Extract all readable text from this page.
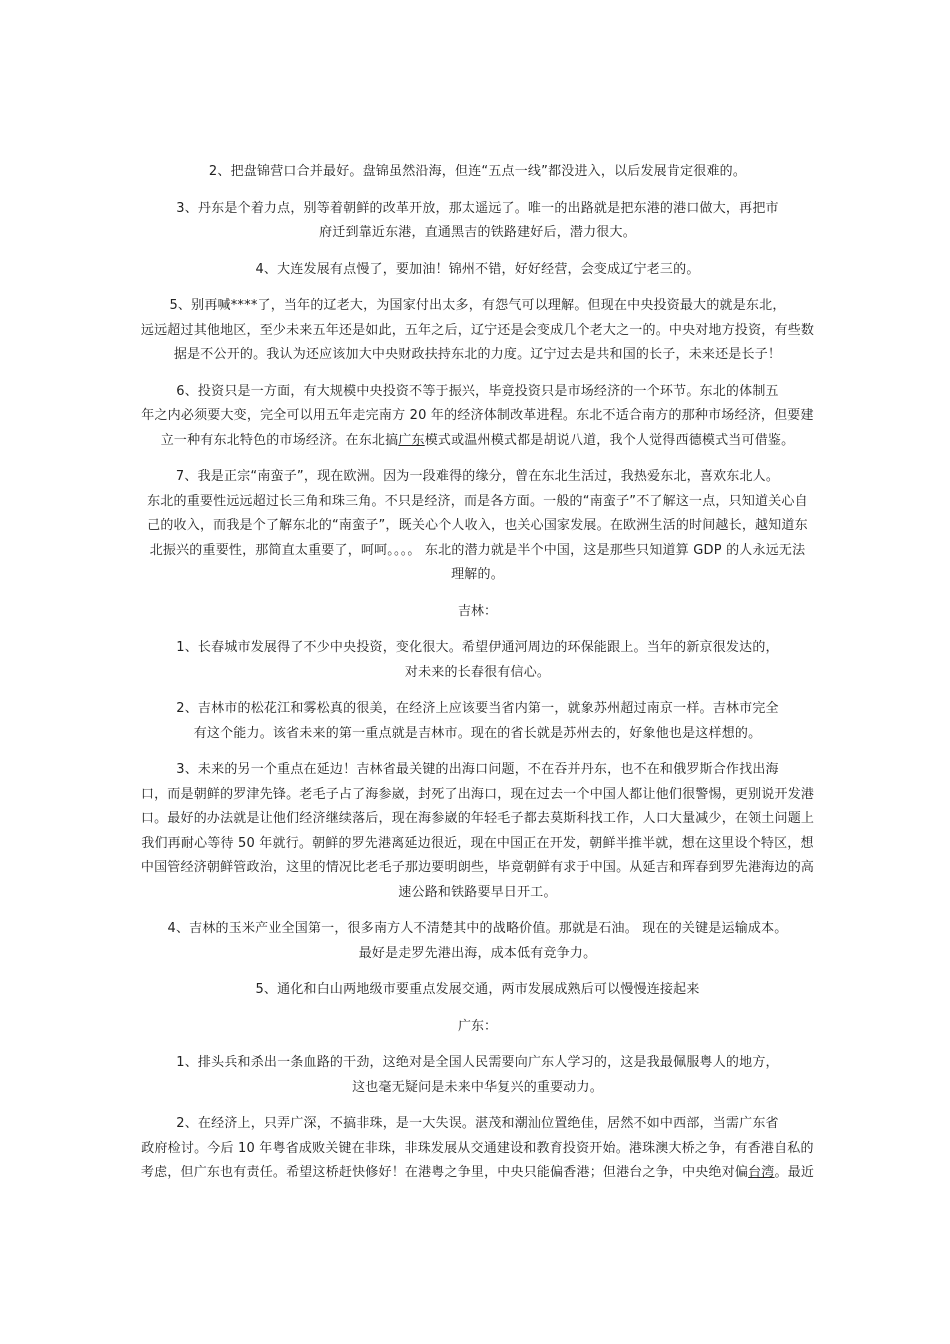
2、把盘锦营口合并最好。盘锦虽然沿海，但连“五点一线”都没进入，以后发展肯定很难的。

3、丹东是个着力点，别等着朝鲜的改革开放，那太遥远了。唯一的出路就是把东港的港口做大，再把市
府迁到靠近东港，直通黑吉的铁路建好后，潜力很大。

4、大连发展有点慢了，要加油！锦州不错，好好经营，会变成辽宁老三的。

5、别再喊****了，当年的辽老大，为国家付出太多，有怨气可以理解。但现在中央投资最大的就是东北，
远远超过其他地区，至少未来五年还是如此，五年之后，辽宁还是会变成几个老大之一的。中央对地方投资，有些数
据是不公开的。我认为还应该加大中央财政扶持东北的力度。辽宁过去是共和国的长子，未来还是长子！

6、投资只是一方面，有大规模中央投资不等于振兴，毕竟投资只是市场经济的一个环节。东北的体制五
年之内必须要大变，完全可以用五年走完南方 20 年的经济体制改革进程。东北不适合南方的那种市场经济，但要建
立一种有东北特色的市场经济。在东北搞广东模式或温州模式都是胡说八道，我个人觉得西德模式当可借鉴。

7、我是正宗“南蛮子”，现在欧洲。因为一段难得的缘分，曾在东北生活过，我热爱东北，喜欢东北人。
东北的重要性远远超过长三角和珠三角。不只是经济，而是各方面。一般的“南蛮子”不了解这一点，只知道关心自
己的收入，而我是个了解东北的“南蛮子”，既关心个人收入，也关心国家发展。在欧洲生活的时间越长，越知道东
北振兴的重要性，那简直太重要了，呵呵。。。。 东北的潜力就是半个中国，这是那些只知道算 GDP 的人永远无法
理解的。

吉林：

1、长春城市发展得了不少中央投资，变化很大。希望伊通河周边的环保能跟上。当年的新京很发达的，
对未来的长春很有信心。

2、吉林市的松花江和雾松真的很美，在经济上应该要当省内第一，就象苏州超过南京一样。吉林市完全
有这个能力。该省未来的第一重点就是吉林市。现在的省长就是苏州去的，好象他也是这样想的。

3、未来的另一个重点在延边！吉林省最关键的出海口问题，不在吞并丹东，也不在和俄罗斯合作找出海
口，而是朝鲜的罗津先锋。老毛子占了海参崴，封死了出海口，现在过去一个中国人都让他们很警惕，更别说开发港
口。最好的办法就是让他们经济继续落后，现在海参崴的年轻毛子都去莫斯科找工作，人口大量减少，在领土问题上
我们再耐心等待 50 年就行。朝鲜的罗先港离延边很近，现在中国正在开发，朝鲜半推半就，想在这里设个特区，想
中国管经济朝鲜管政治，这里的情况比老毛子那边要明朗些，毕竟朝鲜有求于中国。从延吉和珲春到罗先港海边的高
速公路和铁路要早日开工。

4、吉林的玉米产业全国第一，很多南方人不清楚其中的战略价值。那就是石油。 现在的关键是运输成本。
最好是走罗先港出海，成本低有竞争力。

5、通化和白山两地级市要重点发展交通，两市发展成熟后可以慢慢连接起来

广东：

1、排头兵和杀出一条血路的干劲，这绝对是全国人民需要向广东人学习的，这是我最佩服粤人的地方，
这也毫无疑问是未来中华复兴的重要动力。

2、在经济上，只弄广深，不搞非珠，是一大失误。湛茂和潮汕位置绝佳，居然不如中西部，当需广东省
政府检讨。今后 10 年粤省成败关键在非珠，非珠发展从交通建设和教育投资开始。港珠澳大桥之争，有香港自私的
考虑，但广东也有责任。希望这桥赶快修好！在港粤之争里，中央只能偏香港；但港台之争，中央绝对偏台湾。最近
